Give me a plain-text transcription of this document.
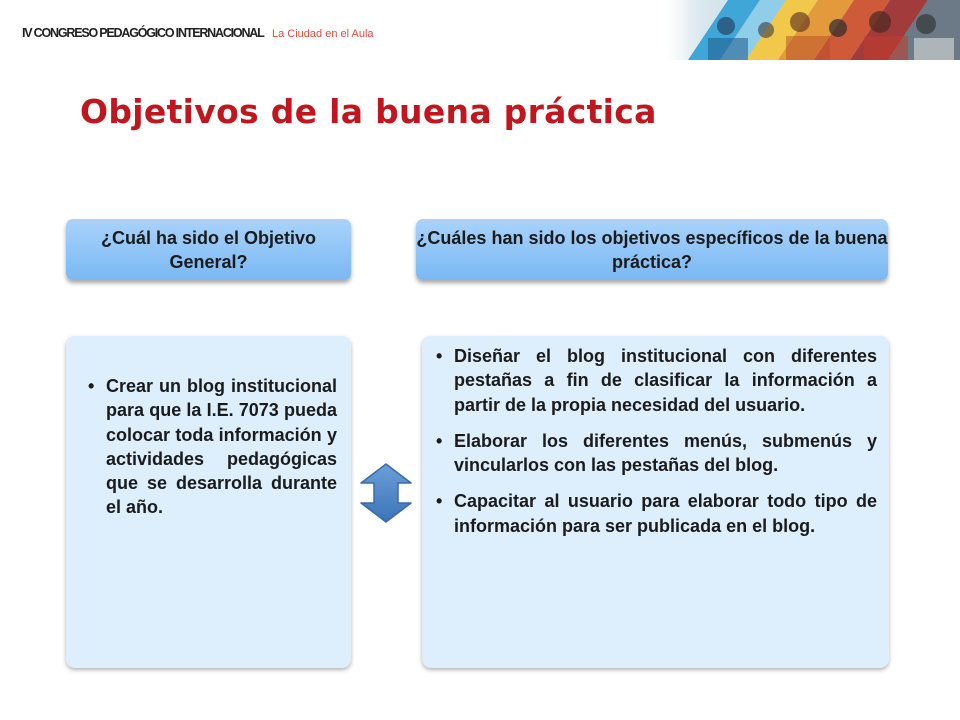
IV CONGRESO PEDAGÓGICO INTERNACIONAL La Ciudad en el Aula
Objetivos de la buena práctica
¿Cuál ha sido el Objetivo General?
¿Cuáles han sido los objetivos específicos de la buena práctica?
• Crear un blog institucional para que la I.E. 7073 pueda colocar toda información y actividades pedagógicas que se desarrolla durante el año.
• Diseñar el blog institucional con diferentes pestañas a fin de clasificar la información a partir de la propia necesidad del usuario.
• Elaborar los diferentes menús, submenús y vincularlos con las pestañas del blog.
• Capacitar al usuario para elaborar todo tipo de información para ser publicada en el blog.
